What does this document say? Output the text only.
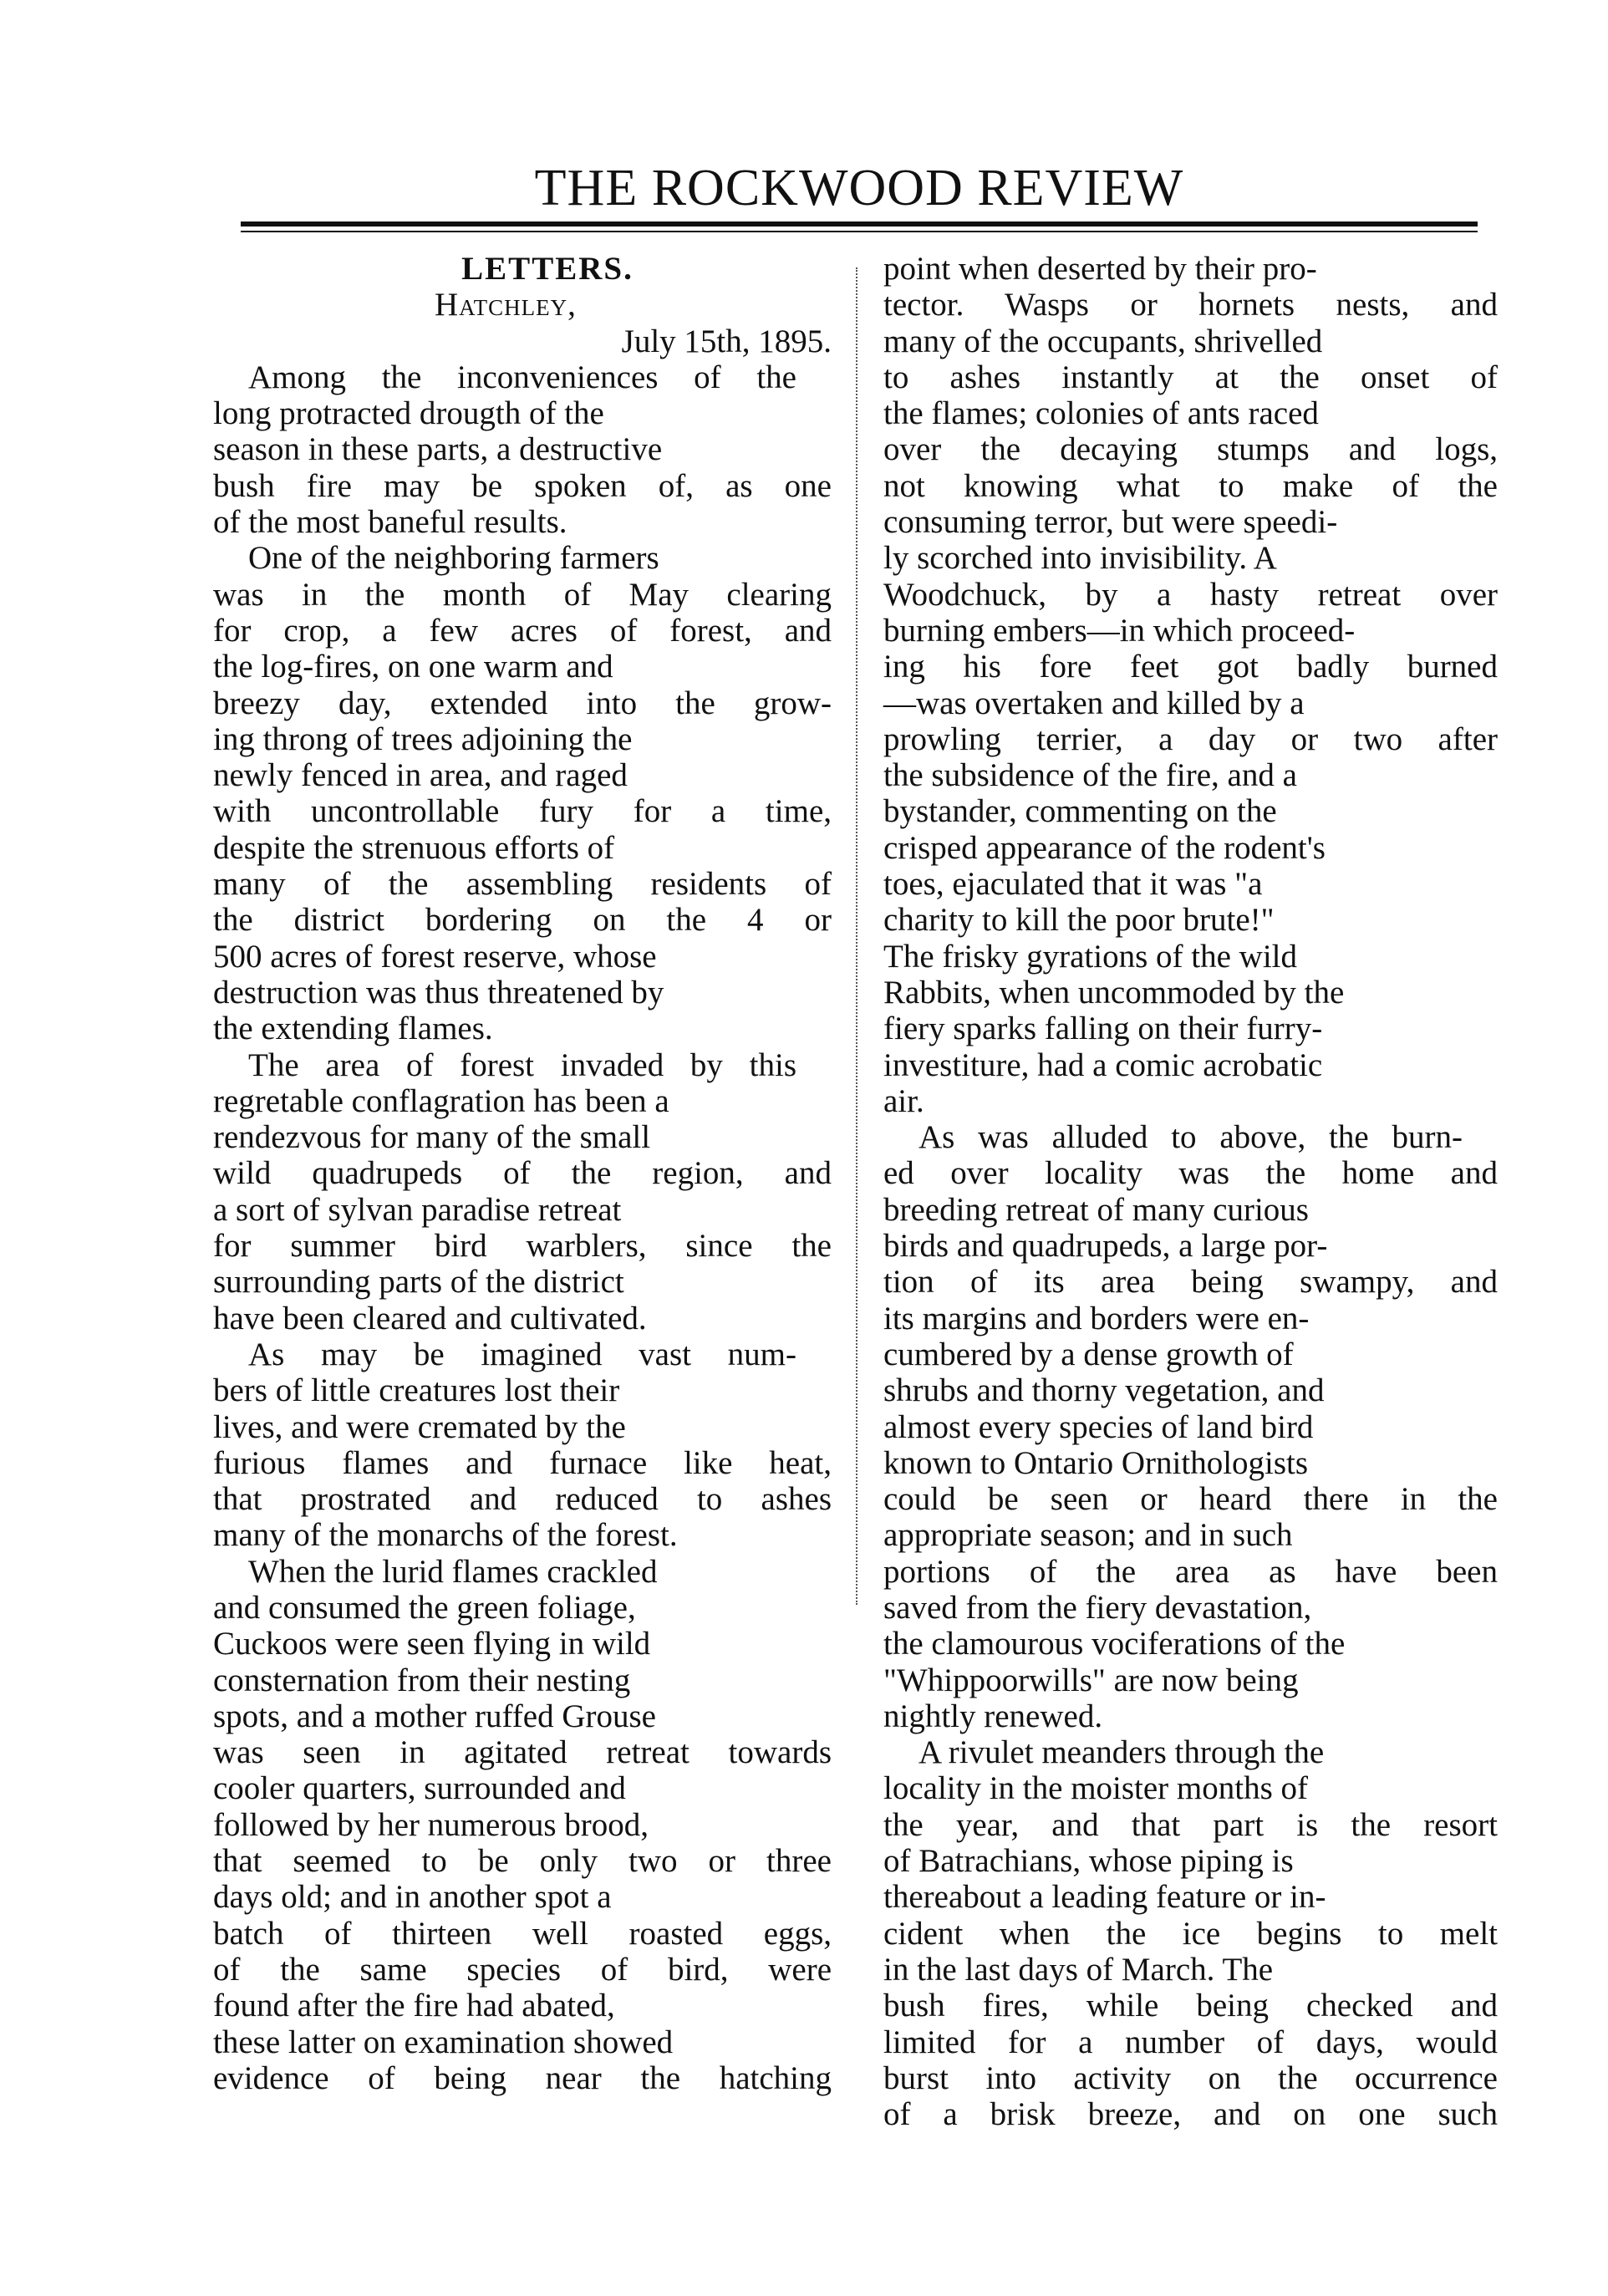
THE ROCKWOOD REVIEW
LETTERS.
Hatchley,
July 15th, 1895.
Among the inconveniences of the
long protracted drougth of the
season in these parts, a destructive
bush fire may be spoken of, as one
of the most baneful results.
One of the neighboring farmers
was in the month of May clearing
for crop, a few acres of forest, and
the log-fires, on one warm and
breezy day, extended into the grow-
ing throng of trees adjoining the
newly fenced in area, and raged
with uncontrollable fury for a time,
despite the strenuous efforts of
many of the assembling residents of
the district bordering on the 4 or
500 acres of forest reserve, whose
destruction was thus threatened by
the extending flames.
The area of forest invaded by this
regretable conflagration has been a
rendezvous for many of the small
wild quadrupeds of the region, and
a sort of sylvan paradise retreat
for summer bird warblers, since the
surrounding parts of the district
have been cleared and cultivated.
As may be imagined vast num-
bers of little creatures lost their
lives, and were cremated by the
furious flames and furnace like heat,
that prostrated and reduced to ashes
many of the monarchs of the forest.
When the lurid flames crackled
and consumed the green foliage,
Cuckoos were seen flying in wild
consternation from their nesting
spots, and a mother ruffed Grouse
was seen in agitated retreat towards
cooler quarters, surrounded and
followed by her numerous brood,
that seemed to be only two or three
days old; and in another spot a
batch of thirteen well roasted eggs,
of the same species of bird, were
found after the fire had abated,
these latter on examination showed
evidence of being near the hatching
point when deserted by their pro-
tector. Wasps or hornets nests, and
many of the occupants, shrivelled
to ashes instantly at the onset of
the flames; colonies of ants raced
over the decaying stumps and logs,
not knowing what to make of the
consuming terror, but were speedi-
ly scorched into invisibility. A
Woodchuck, by a hasty retreat over
burning embers—in which proceed-
ing his fore feet got badly burned
—was overtaken and killed by a
prowling terrier, a day or two after
the subsidence of the fire, and a
bystander, commenting on the
crisped appearance of the rodent's
toes, ejaculated that it was "a
charity to kill the poor brute!"
The frisky gyrations of the wild
Rabbits, when uncommoded by the
fiery sparks falling on their furry-
investiture, had a comic acrobatic
air.
As was alluded to above, the burn-
ed over locality was the home and
breeding retreat of many curious
birds and quadrupeds, a large por-
tion of its area being swampy, and
its margins and borders were en-
cumbered by a dense growth of
shrubs and thorny vegetation, and
almost every species of land bird
known to Ontario Ornithologists
could be seen or heard there in the
appropriate season; and in such
portions of the area as have been
saved from the fiery devastation,
the clamourous vociferations of the
"Whippoorwills" are now being
nightly renewed.
A rivulet meanders through the
locality in the moister months of
the year, and that part is the resort
of Batrachians, whose piping is
thereabout a leading feature or in-
cident when the ice begins to melt
in the last days of March. The
bush fires, while being checked and
limited for a number of days, would
burst into activity on the occurrence
of a brisk breeze, and on one such
